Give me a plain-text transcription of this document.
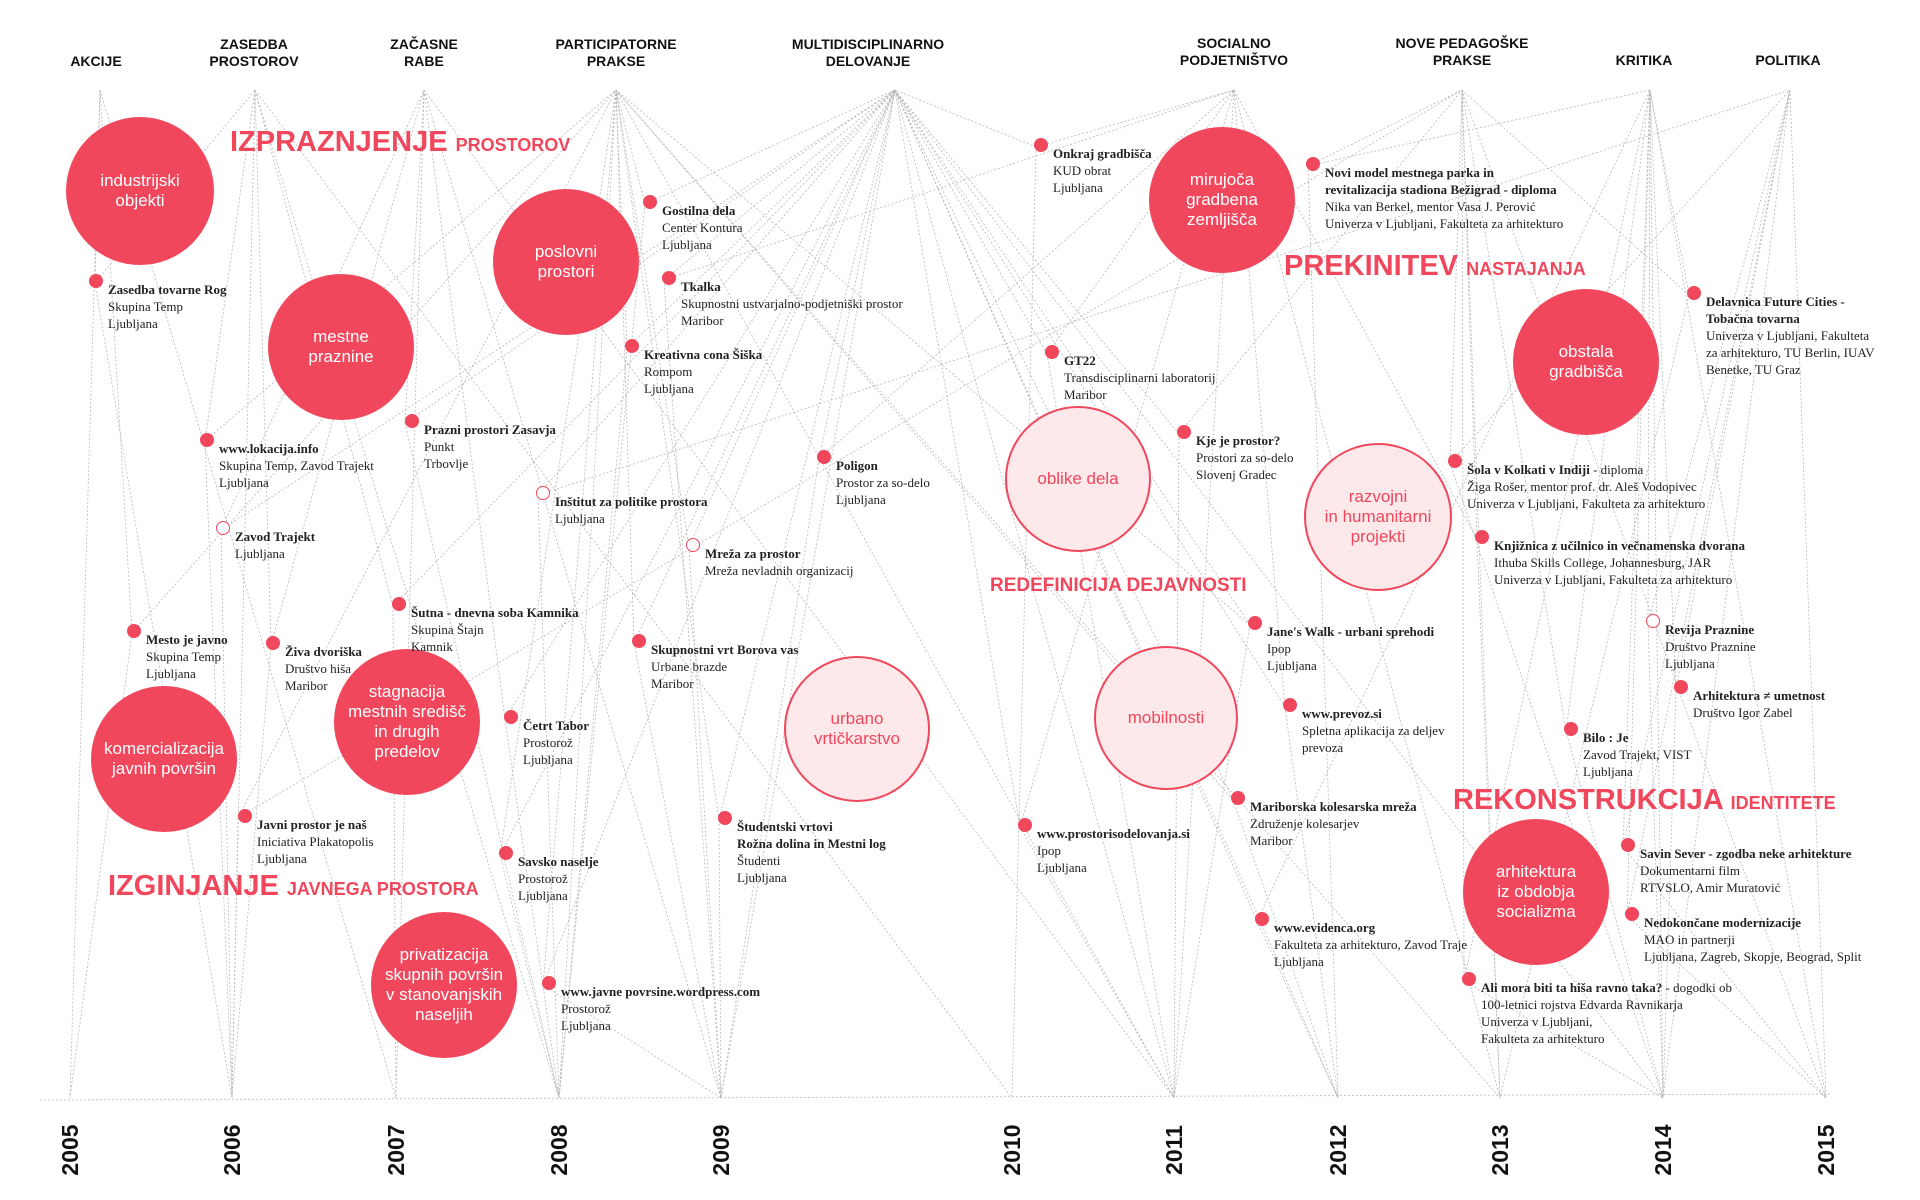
AKCIJE
ZASEDBA
PROSTOROV
ZAČASNE
RABE
PARTICIPATORNE
PRAKSE
MULTIDISCIPLINARNO
DELOVANJE
SOCIALNO
PODJETNIŠTVO
NOVE PEDAGOŠKE
PRAKSE	KRITIKA	POLITIKA
2005	2006	2007	2008	2009	2010	2011	2012	2013	2014	2015
IZPRAZNJENJE PROSTOROV
PREKINITEV NASTAJANJA
REDEFINICIJA DEJAVNOSTI
REKONSTRUKCIJA IDENTITETE
IZGINJANJE JAVNEGA PROSTORA
industrijski
objekti
mestne
praznine
poslovni
prostori
mirujoča
gradbena
zemljišča
obstala
gradbišča
oblike dela
razvojni
in humanitarni
projekti
urbano
vrtičkarstvo
mobilnosti
komercializacija
javnih površin
stagnacija
mestnih središč
in drugih
predelov
privatizacija
skupnih površin
v stanovanjskih
naseljih
arhitektura
iz obdobja
socializma
Zasedba tovarne Rog
Skupina Temp
Ljubljana
www.lokacija.info
Skupina Temp, Zavod Trajekt
Ljubljana
Zavod Trajekt
Ljubljana
Mesto je javno
Skupina Temp
Ljubljana
Živa dvoriška
Društvo hiša
Maribor
Javni prostor je naš
Iniciativa Plakatopolis
Ljubljana
Prazni prostori Zasavja
Punkt
Trbovlje
Šutna - dnevna soba Kamnika
Skupina Štajn
Kamnik
Četrt Tabor
Prostorož
Ljubljana
Savsko naselje
Prostorož
Ljubljana
www.javne povrsine.wordpress.com
Prostorož
Ljubljana
Gostilna dela
Center Kontura
Ljubljana
Tkalka
Skupnostni ustvarjalno-podjetniški prostor
Maribor
Kreativna cona Šiška
Rompom
Ljubljana
Inštitut za politike prostora
Ljubljana
Mreža za prostor
Mreža nevladnih organizacij
Skupnostni vrt Borova vas
Urbane brazde
Maribor
Poligon
Prostor za so-delo
Ljubljana
Študentski vrtovi
Rožna dolina in Mestni log
Študenti
Ljubljana
Onkraj gradbišča
KUD obrat
Ljubljana
GT22
Transdisciplinarni laboratorij
Maribor
Kje je prostor?
Prostori za so-delo
Slovenj Gradec
Jane's Walk - urbani sprehodi
Ipop
Ljubljana
www.prevoz.si
Spletna aplikacija za deljev
prevoza
www.prostorisodelovanja.si
Ipop
Ljubljana
Mariborska kolesarska mreža
Združenje kolesarjev
Maribor
www.evidenca.org
Fakulteta za arhitekturo, Zavod Traje
Ljubljana
Novi model mestnega parka in
revitalizacija stadiona Bežigrad - diploma
Nika van Berkel, mentor Vasa J. Perović
Univerza v Ljubljani, Fakulteta za arhitekturo
Delavnica Future Cities -
Tobačna tovarna
Univerza v Ljubljani, Fakulteta
za arhitekturo, TU Berlin, IUAV
Benetke, TU Graz
Šola v Kolkati v Indiji - diploma
Žiga Rošer, mentor prof. dr. Aleš Vodopivec
Univerza v Ljubljani, Fakulteta za arhitekturo
Knjižnica z učilnico in večnamenska dvorana
Ithuba Skills College, Johannesburg, JAR
Univerza v Ljubljani, Fakulteta za arhitekturo
Revija Praznine
Društvo Praznine
Ljubljana
Arhitektura ≠ umetnost
Društvo Igor Zabel
Bilo : Je
Zavod Trajekt, VIST
Ljubljana
Savin Sever - zgodba neke arhitekture
Dokumentarni film
RTVSLO, Amir Muratović
Nedokončane modernizacije
MAO in partnerji
Ljubljana, Zagreb, Skopje, Beograd, Split
Ali mora biti ta hiša ravno taka? - dogodki ob
100-letnici rojstva Edvarda Ravnikarja
Univerza v Ljubljani,
Fakulteta za arhitekturo
